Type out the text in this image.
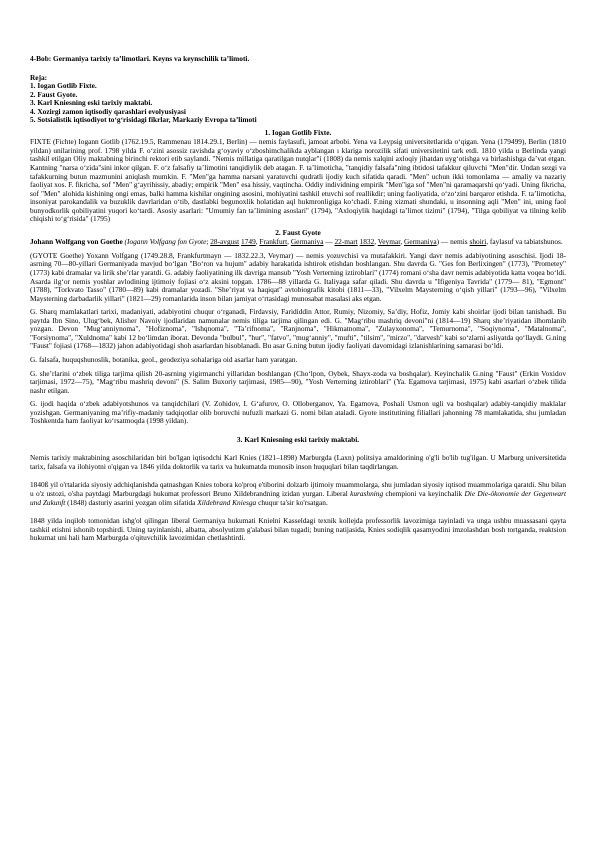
4-Bob: Germaniya tarixiy ta’limotlari. Keyns va keynschilik ta’limoti.
Reja:
1. Iogan Gotlib Fixte.
2. Faust Gyote.
3. Karl Kniesning eski tarixiy maktabi.
4. Xozirgi zamon iqtisodiy qarashlari evolyusiyasi
5. Sotsialistik iqtisodiyot to‘g‘risidagi fikrlar, Markaziy Evropa ta’limoti
1. Iogan Gotlib Fixte.

FIXTE (Fichte) Iogann Gotlib (1762.19.5, Rammenau 1814.29.1, Berlin) — nemis faylasufi, jamoat arbobi. Yena va Leypsig universitetlarida o‘qigan. Yena (179499), Berlin (1810 yildan) unilarining prof. 1798 yilda F. o‘zini asossiz ravishda g‘oyaviy o‘zboshimchalikda ayblangan ı klariga norozilik sifati universitetini tark etdi. 1810 yilda u Berlinda yangi tashkil etilgan Oliy maktabning birinchi rektori etib saylandi. "Nemis millatiga qaratilgan nutqlar"i (1808) da nemis xalqini axloqiy jihatdan uyg‘otishga va birlashishga da’vat etgan. Kantning "narsa o‘zida"sini inkor qilgan. F. o‘z falsafiy ta’limotini tanqidiylik deb atagan. F. ta’limoticha, "tanqidiy falsafa"ning ibtidosi tafakkur qiluvchi "Men"dir. Undan sezgi va tafakkurning butun mazmunini aniqlash mumkin. F. "Men"ga hamma narsani yaratuvchi qudratli ijodiy kuch sifatida qaradi. "Men" uchun ikki tomonlama — amaliy va nazariy faoliyat xos. F. fikricha, sof "Men" g‘ayrihissiy, abadiy; empirik "Men" esa hissiy, vaqtincha. Oddiy individning empirik "Men"iga sof "Men"ni qaramaqarshi qo‘yadi. Uning fikricha, sof "Men" alohida kishining ongi emas, balki hamma kishilar ongining asosini, mohiyatini tashkil etuvchi sof reallikdir; uning faoliyatida, o‘zo‘zini barqaror etishda. F. ta’limoticha, insoniyat parokandalik va buzuklik davrlaridan o‘tib, dastlabki begunoxlik holatidan aql hukmronligiga ko‘chadi. F.ning xizmati shundaki, u insonning aqli "Men" ini, uning faol bunyodkorlik qobiliyatini yuqori ko‘tardi. Asosiy asarlari: "Umumiy fan ta’limining asoslari" (1794), "Axloqiylik haqidagi ta’limot tizimi" (1794), "Tilga qobiliyat va tilning kelib chiqishi to‘g‘risida" (1795)

2. Faust Gyote

Johann Wolfgang von Goethe (Iogann Volfgang fon Gyote; 28-avgust 1749, Frankfurt, Germaniya — 22-mart 1832, Veymar, Germaniya) — nemis shoiri, faylasuf va tabiatshunos.

(GYOTE Goethe) Yoxann Volfgang (1749.28.8, Frankfurtmayn — 1832.22.3, Veymar) — nemis yozuvchisi va mutafakkiri. Yangi davr nemis adabiyotining asoschisi. Ijodi 18-asrning 70—80-yillari Germaniyada mavjud bo‘lgan "Bo‘ron va hujum" adabiy harakatida ishtirok etishdan boshlangan. Shu davrda G. "Ges fon Berlixingen" (1773), "Prometey" (1773) kabi dramalar va lirik she’rlar yaratdi. G. adabiy faoliyatining ilk davriga mansub "Yosh Verterning iztiroblari" (1774) romani o‘sha davr nemis adabiyotida katta voqea bo‘ldi. Asarda ilg‘or nemis yoshlar avlodining ijtimoiy fojiasi o‘z aksini topgan. 1786—88 yillarda G. Italiyaga safar qiladi. Shu davrda u "Ifigeniya Tavrida" (1779— 81), "Egmont" (1788), "Torkvato Tasso" (1780—89) kabi dramalar yozadi. "She’riyat va haqiqat" avtobiografik kitobi (1811—33), "Vilxelm Maysterning o‘qish yillari" (1793—96), "Vilxelm Maysterning darbadarlik yillari" (1821—29) romanlarida inson bilan jamiyat o‘rtasidagi munosabat masalasi aks etgan.

G. Sharq mamlakatlari tarixi, madaniyati, adabiyotini chuqur o‘rganadi, Firdavsiy, Farididdin Attor, Rumiy, Nizomiy, Sa’diy, Hofiz, Jomiy kabi shoirlar ijodi bilan tanishadi. Bu paytda Ibn Sino, Ulug‘bek, Alisher Navoiy ijodlaridan namunalar nemis tiliga tarjima qilingan edi. G. "Mag‘ribu mashriq devoni"ni (1814—19) Sharq she’riyatidan ilhomlanib yozgan. Devon "Mug‘anniynoma", "Hofiznoma", "Ishqnoma", "Ta’rifnoma", "Ranjnoma", "Hikmatnoma", "Zulayxonoma", "Temurnoma", "Soqiynoma", "Matalnoma", "Forsiynoma", "Xuldnoma" kabi 12 bo‘limdan iborat. Devonda "bulbul", "hur", "fatvo", "mug‘anniy", "mufti", "tilsim", "mirzo", "darvesh" kabi so‘zlarni asliyatda qo‘llaydi. G.ning "Faust" fojiasi (1768—1832) jahon adabiyotidagi shoh asarlardan hisoblanadi. Bu asar G.ning butun ijodiy faoliyati davomidagi izlanishlarining samarasi bo‘ldi.

G. falsafa, huquqshunoslik, botanika, geol., geodeziya sohalariga oid asarlar ham yaratgan.

G. she’rlarini o‘zbek tiliga tarjima qilish 20-asrning yigirmanchi yillaridan boshlangan (Cho‘lpon, Oybek, Shayx-zoda va boshqalar). Keyinchalik G.ning "Faust" (Erkin Voxidov tarjimasi, 1972—75), "Mag‘ribu mashriq devoni" (S. Salim Buxoriy tarjimasi, 1985—90), "Yosh Verterning iztiroblari" (Ya. Egamova tarjimasi, 1975) kabi asarlari o‘zbek tilida nashr etilgan.

G. ijodi haqida o‘zbek adabiyotshunos va tanqidchilari (V. Zohidov, I. G‘afurov, O. Olloberganov, Ya. Egamova, Poshali Usmon ugli va boshqalar) adabiy-tanqidiy maklalar yozishgan. Germaniyaning ma’rifiy-madaniy tadqiqotlar olib boruvchi nufuzli markazi G. nomi bilan ataladi. Gyote institutining filiallari jahonning 78 mamlakatida, shu jumladan Toshkentda ham faoliyat ko‘rsatmoqda (1998 yildan).

3. Karl Kniesning eski tarixiy maktabi.

Nemis tarixiy maktabining asoschilaridan biri bo'lgan iqtisodchi Karl Knies (1821–1898) Marburgda (Laxn) politsiya amaldorining o'g'li bo'lib tug'ilgan. U Marburg universitetida tarix, falsafa va ilohiyotni o'qigan va 1846 yilda doktorlik va tarix va hukumatda munosib inson huquqlari bilan taqdirlangan.

1840ß yil o'rtalarida siyosiy adchiqlanishda qatnashgan Knies tobora ko'proq e'tiborini dolzarb ijtimoiy muammolarga, shu jumladan siyosiy iqtisod muammolariga qaratdi. Shu bilan u o'z ustozi, o'sha paytdagi Marburgdagi hukumat professori Bruno Xildebrandning izidan yurgan. Liberal kurashning chempioni va keyinchalik Die Die-ökonomie der Gegenwart und Zukunft (1848) dasturiy asarini yozgan olim sifatida Xildebrand Kniesga chuqur ta'sir ko'rsatgan.

1848 yilda inqilob tomonidan ishg'ol qilingan liberal Germaniya hukumati Knielni Kasseldagi texnik kollejda professorlik lavozimiga tayinladi va unga ushbu muassasani qayta tashkil etishni ishonib topshirdi. Uning tayinlanishi, albatta, absolyutizm g'alabasi bilan tugadi; buning natijasida, Knies sodiqlik qasamyodini imzolashdan bosh tortganda, reaktsion hukumat uni hali ham Marburgda o'qituvchilik lavozimidan chetlashtirdi.
